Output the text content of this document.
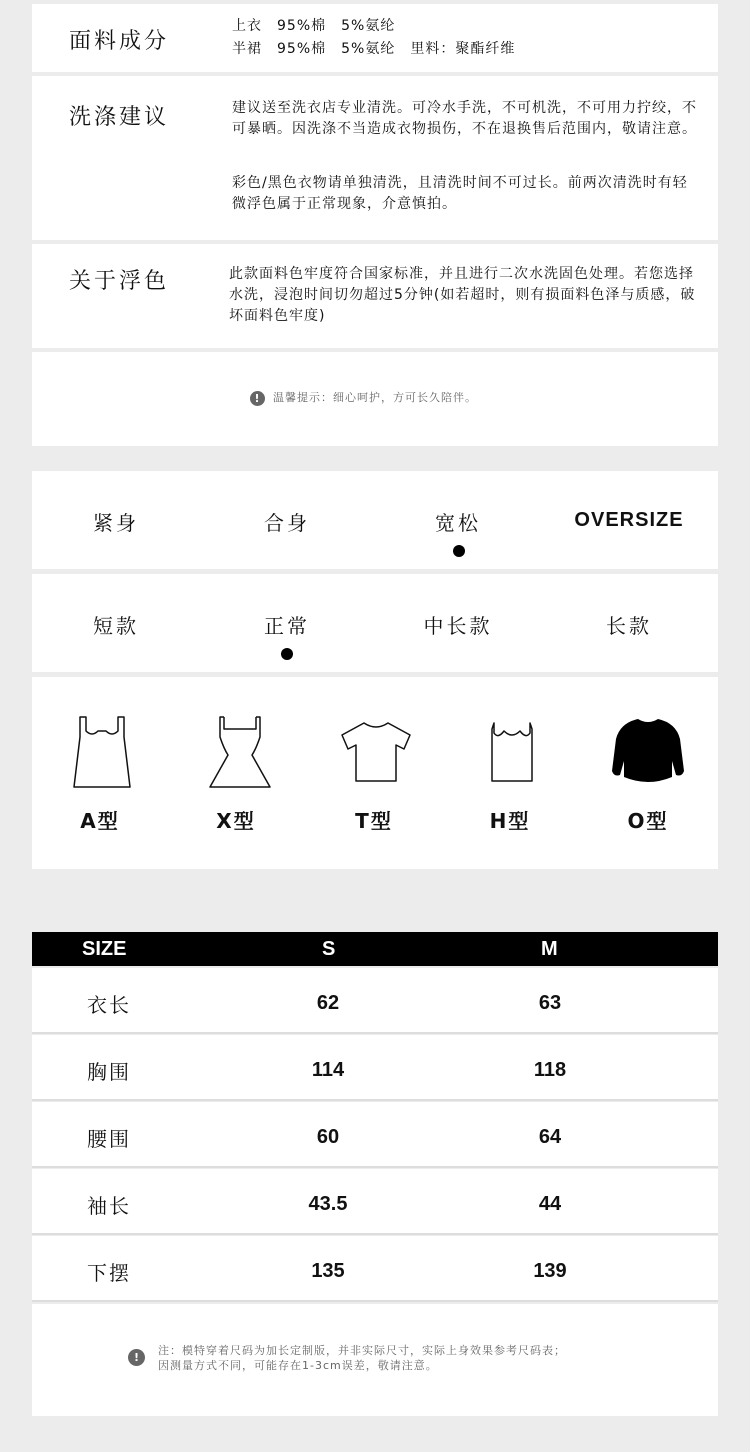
面料成分
上衣　95%棉　5%氨纶
半裙　95%棉　5%氨纶　里料：聚酯纤维
洗涤建议	建议送至洗衣店专业清洗。可冷水手洗，不可机洗，不可用力拧绞，不可暴晒。因洗涤不当造成衣物损伤，不在退换售后范围内，敬请注意。
彩色/黑色衣物请单独清洗，且清洗时间不可过长。前两次清洗时有轻微浮色属于正常现象，介意慎拍。
关于浮色	此款面料色牢度符合国家标准，并且进行二次水洗固色处理。若您选择水洗，浸泡时间切勿超过5分钟(如若超时，则有损面料色泽与质感，破坏面料色牢度)
! 温馨提示：细心呵护，方可长久陪伴。
紧身	合身	宽松	OVERSIZE
短款	正常	中长款	长款
A型	X型	T型	H型	O型
SIZE	S	M
衣长	62	63
胸围	114	118
腰围	60	64
袖长	43.5	44
下摆	135	139
!
注：模特穿着尺码为加长定制版，并非实际尺寸，实际上身效果参考尺码表；
因测量方式不同，可能存在1-3cm误差，敬请注意。
